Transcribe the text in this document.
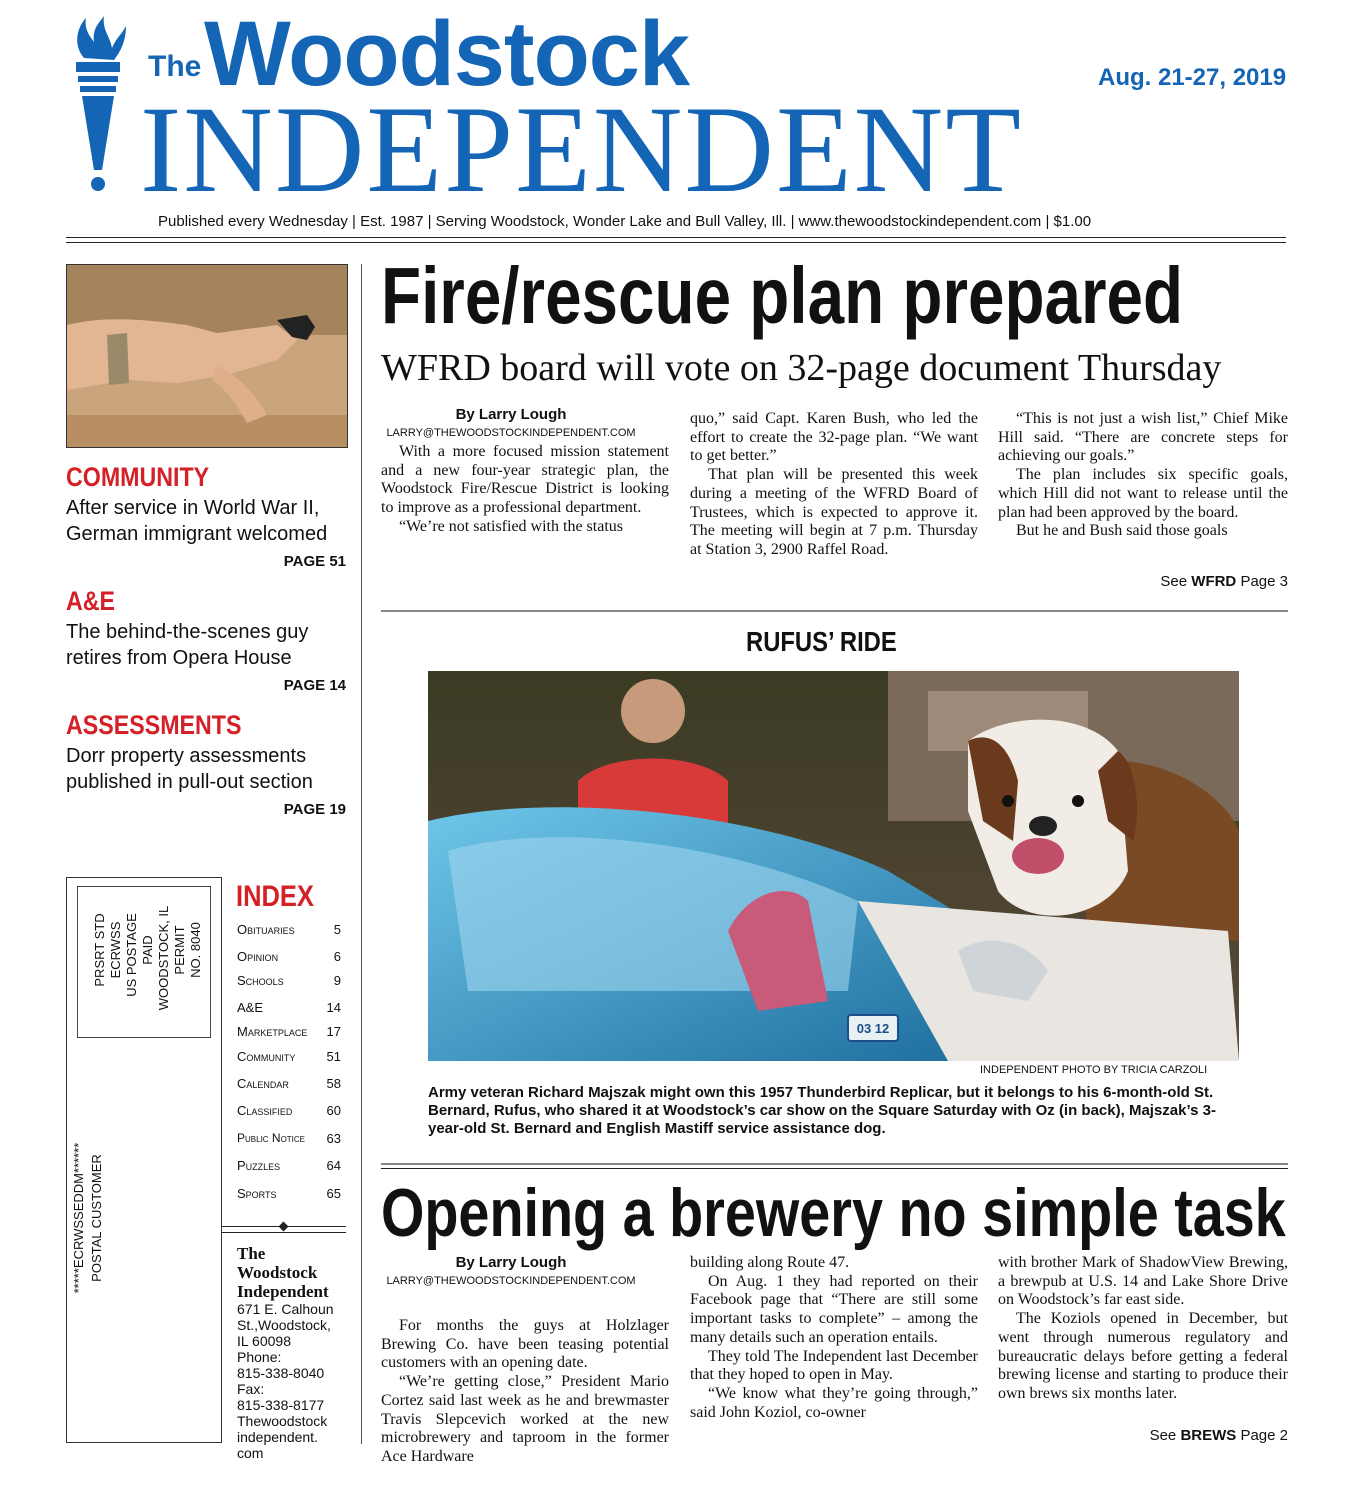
The Woodstock	Aug. 21-27, 2019
INDEPENDENT
Published every Wednesday | Est. 1987 | Serving Woodstock, Wonder Lake and Bull Valley, Ill. | www.thewoodstockindependent.com | $1.00
COMMUNITY
After service in World War II, German immigrant welcomed
PAGE 51
A&E
The behind-the-scenes guy retires from Opera House
PAGE 14
ASSESSMENTS
Dorr property assessments published in pull-out section
PAGE 19
PRSRT STD ECRWSS US POSTAGE PAID WOODSTOCK, IL PERMIT NO. 8040
*****ECRWSSEDDM****** POSTAL CUSTOMER
INDEX
Obituaries	5
Opinion	6
Schools	9
A&E	14
Marketplace 17
Community 51
Calendar	58
Classified	60
Public Notice 63
Puzzles	64
Sports	65
The Woodstock Independent
671 E. Calhoun St.,Woodstock, IL 60098
Phone:
815-338-8040
Fax:
815-338-8177
Thewoodstock independent. com
Fire/rescue plan prepared
WFRD board will vote on 32-page document Thursday
By Larry Lough
LARRY@THEWOODSTOCKINDEPENDENT.COM

With a more focused mission statement and a new four-year strategic plan, the Woodstock Fire/Rescue District is looking to improve as a professional department.

“We’re not satisfied with the status

quo,” said Capt. Karen Bush, who led the effort to create the 32-page plan. “We want to get better.”

That plan will be presented this week during a meeting of the WFRD Board of Trustees, which is expected to approve it. The meeting will begin at 7 p.m. Thursday at Station 3, 2900 Raffel Road.

“This is not just a wish list,” Chief Mike Hill said. “There are concrete steps for achieving our goals.”

The plan includes six specific goals, which Hill did not want to release until the plan had been approved by the board.

But he and Bush said those goals

See WFRD Page 3
RUFUS’ RIDE
03 12
INDEPENDENT PHOTO BY TRICIA CARZOLI
Army veteran Richard Majszak might own this 1957 Thunderbird Replicar, but it belongs to his 6-month-old St. Bernard, Rufus, who shared it at Woodstock’s car show on the Square Saturday with Oz (in back), Majszak’s 3-year-old St. Bernard and English Mastiff service assistance dog.
Opening a brewery no simple task
By Larry Lough
LARRY@THEWOODSTOCKINDEPENDENT.COM

For months the guys at Holzlager Brewing Co. have been teasing potential customers with an opening date.

“We’re getting close,” President Mario Cortez said last week as he and brewmaster Travis Slepcevich worked at the new microbrewery and taproom in the former Ace Hardware

building along Route 47.

On Aug. 1 they had reported on their Facebook page that “There are still some important tasks to complete” – among the many details such an operation entails.

They told The Independent last December that they hoped to open in May.

“We know what they’re going through,” said John Koziol, co-owner

with brother Mark of ShadowView Brewing, a brewpub at U.S. 14 and Lake Shore Drive on Woodstock’s far east side.

The Koziols opened in December, but went through numerous regulatory and bureaucratic delays before getting a federal brewing license and starting to produce their own brews six months later.

See BREWS Page 2
